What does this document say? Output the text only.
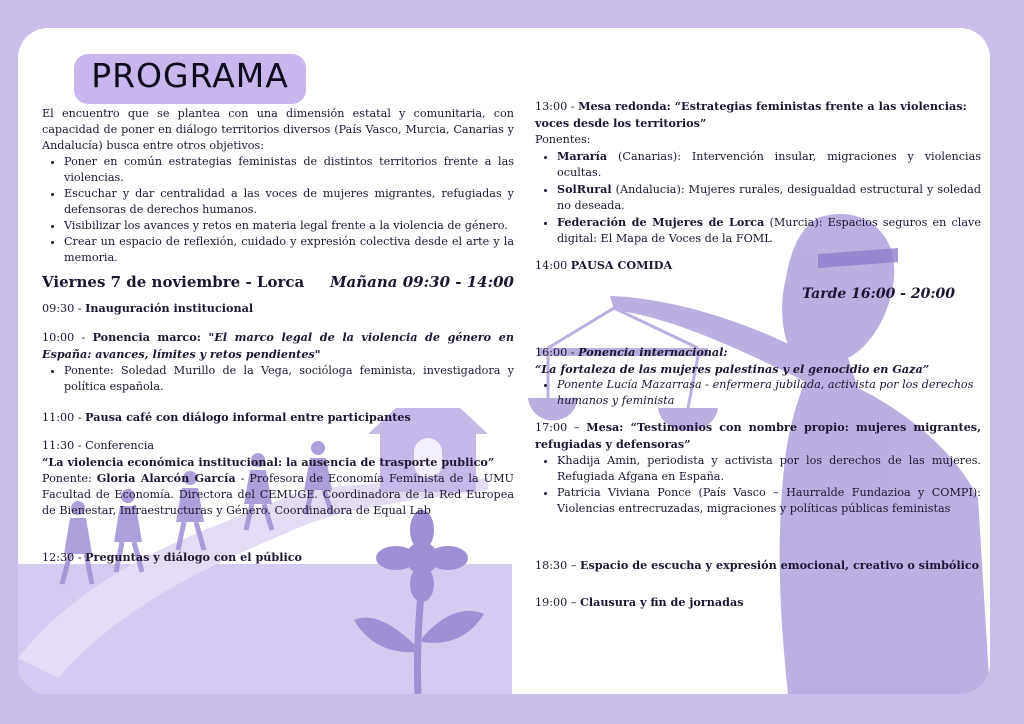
PROGRAMA

El encuentro que se plantea con una dimensión estatal y comunitaria, con capacidad de poner en diálogo territorios diversos (País Vasco, Murcia, Canarias y Andalucía) busca entre otros objetivos:

• Poner en común estrategias feministas de distintos territorios frente a las violencias.
• Escuchar y dar centralidad a las voces de mujeres migrantes, refugiadas y defensoras de derechos humanos.
• Visibilizar los avances y retos en materia legal frente a la violencia de género.
• Crear un espacio de reflexión, cuidado y expresión colectiva desde el arte y la memoria.
Viernes 7 de noviembre - Lorca Mañana 09:30 - 14:00
09:30 - Inauguración institucional

10:00 - Ponencia marco: "El marco legal de la violencia de género en España: avances, límites y retos pendientes"

• Ponente: Soledad Murillo de la Vega, socióloga feminista, investigadora y política española.
11:00 - Pausa café con diálogo informal entre participantes

11:30 - Conferencia

“La violencia económica institucional: la ausencia de trasporte publico”

Ponente: Gloria Alarcón García - Profesora de Economía Feminista de la UMU Facultad de Economía. Directora del CEMUGE. Coordinadora de la Red Europea de Bienestar, Infraestructuras y Género. Coordinadora de Equal Lab

12:30 - Preguntas y diálogo con el público

13:00 - Mesa redonda: “Estrategias feministas frente a las violencias: voces desde los territorios”

Ponentes:

• Mararía (Canarias): Intervención insular, migraciones y violencias ocultas.
• SolRural (Andalucia): Mujeres rurales, desigualdad estructural y soledad no deseada.
• Federación de Mujeres de Lorca (Murcia): Espacios seguros en clave digital: El Mapa de Voces de la FOML
14:00 PAUSA COMIDA
Tarde 16:00 - 20:00

16:00 - Ponencia internacional:

“La fortaleza de las mujeres palestinas y el genocidio en Gaza”

• Ponente Lucía Mazarrasa - enfermera jubilada, activista por los derechos humanos y feminista

17:00 – Mesa: “Testimonios con nombre propio: mujeres migrantes, refugiadas y defensoras”

• Khadija Amin, periodista y activista por los derechos de las mujeres. Refugiada Afgana en España.
• Patricia Viviana Ponce (País Vasco – Haurralde Fundazioa y COMPI): Violencias entrecruzadas, migraciones y políticas públicas feministas
18:30 – Espacio de escucha y expresión emocional, creativo o simbólico
19:00 – Clausura y fin de jornadas
